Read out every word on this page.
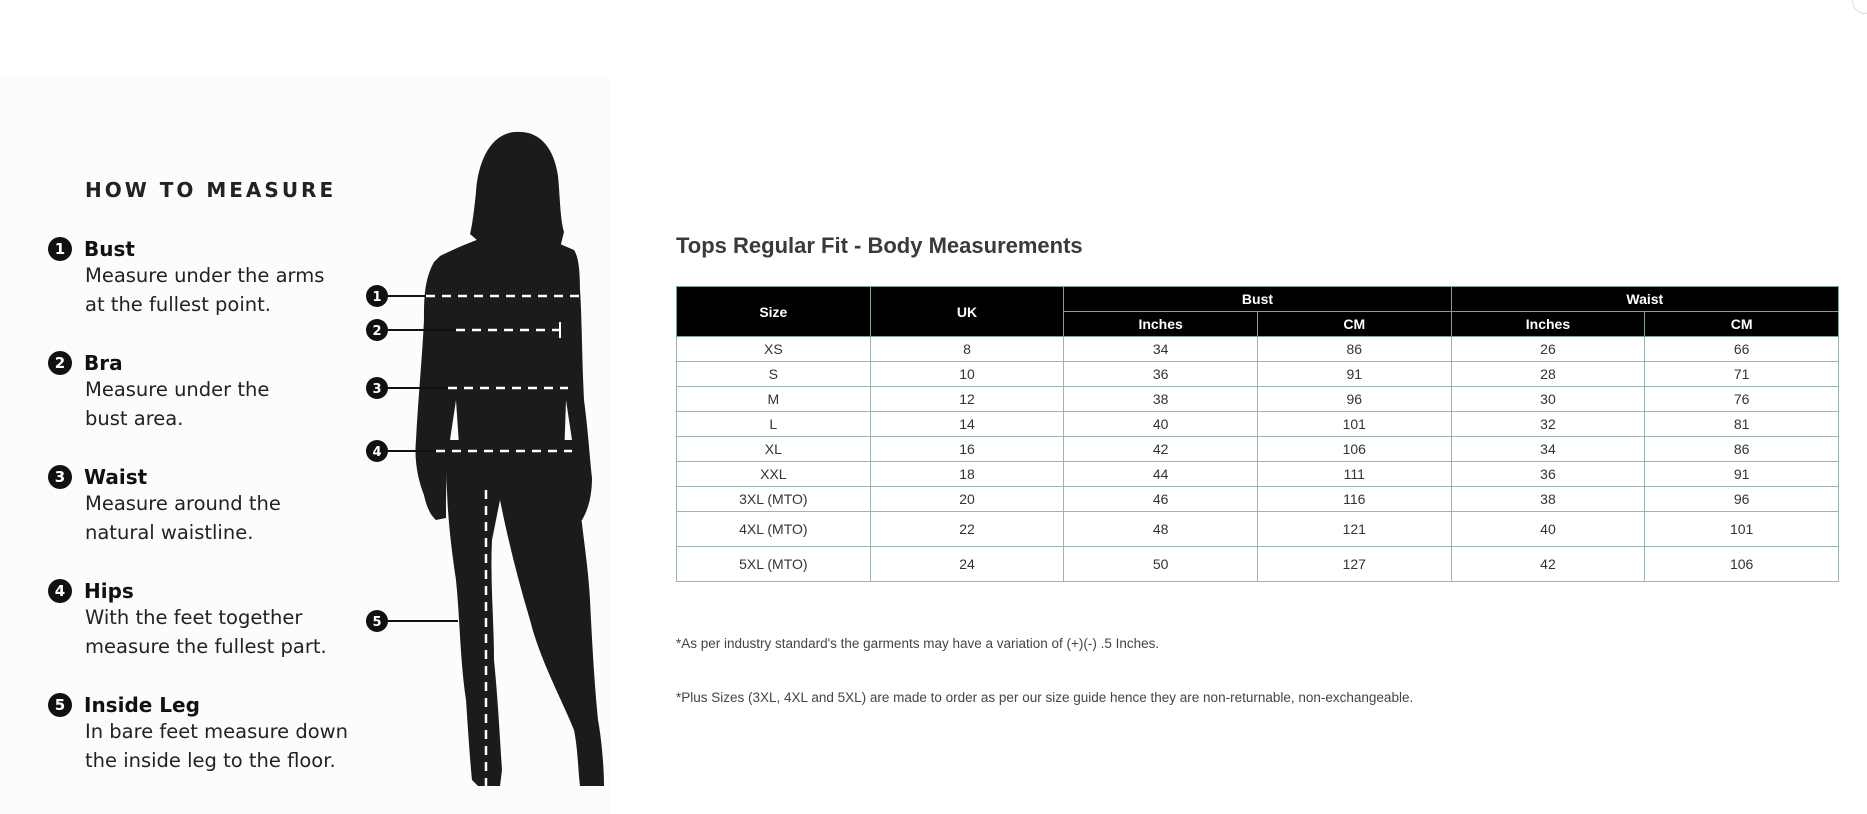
HOW TO MEASURE
1 Bust
Measure under the arms
at the fullest point.
2 Bra
Measure under the
bust area.
3 Waist
Measure around the
natural waistline.
4 Hips
With the feet together
measure the fullest part.
5 Inside Leg
In bare feet measure down
the inside leg to the floor.
1
2
3
4
5
Tops Regular Fit - Body Measurements
Size	UK	Bust		Waist	
		Inches	CM	Inches	CM
XS	8	34	86	26	66
S	10	36	91	28	71
M	12	38	96	30	76
L	14	40	101	32	81
XL	16	42	106	34	86
XXL	18	44	111	36	91
3XL (MTO)	20	46	116	38	96
4XL (MTO)	22	48	121	40	101
5XL (MTO)	24	50	127	42	106
*As per industry standard's the garments may have a variation of (+)(-) .5 Inches.
*Plus Sizes (3XL, 4XL and 5XL) are made to order as per our size guide hence they are non-returnable, non-exchangeable.
